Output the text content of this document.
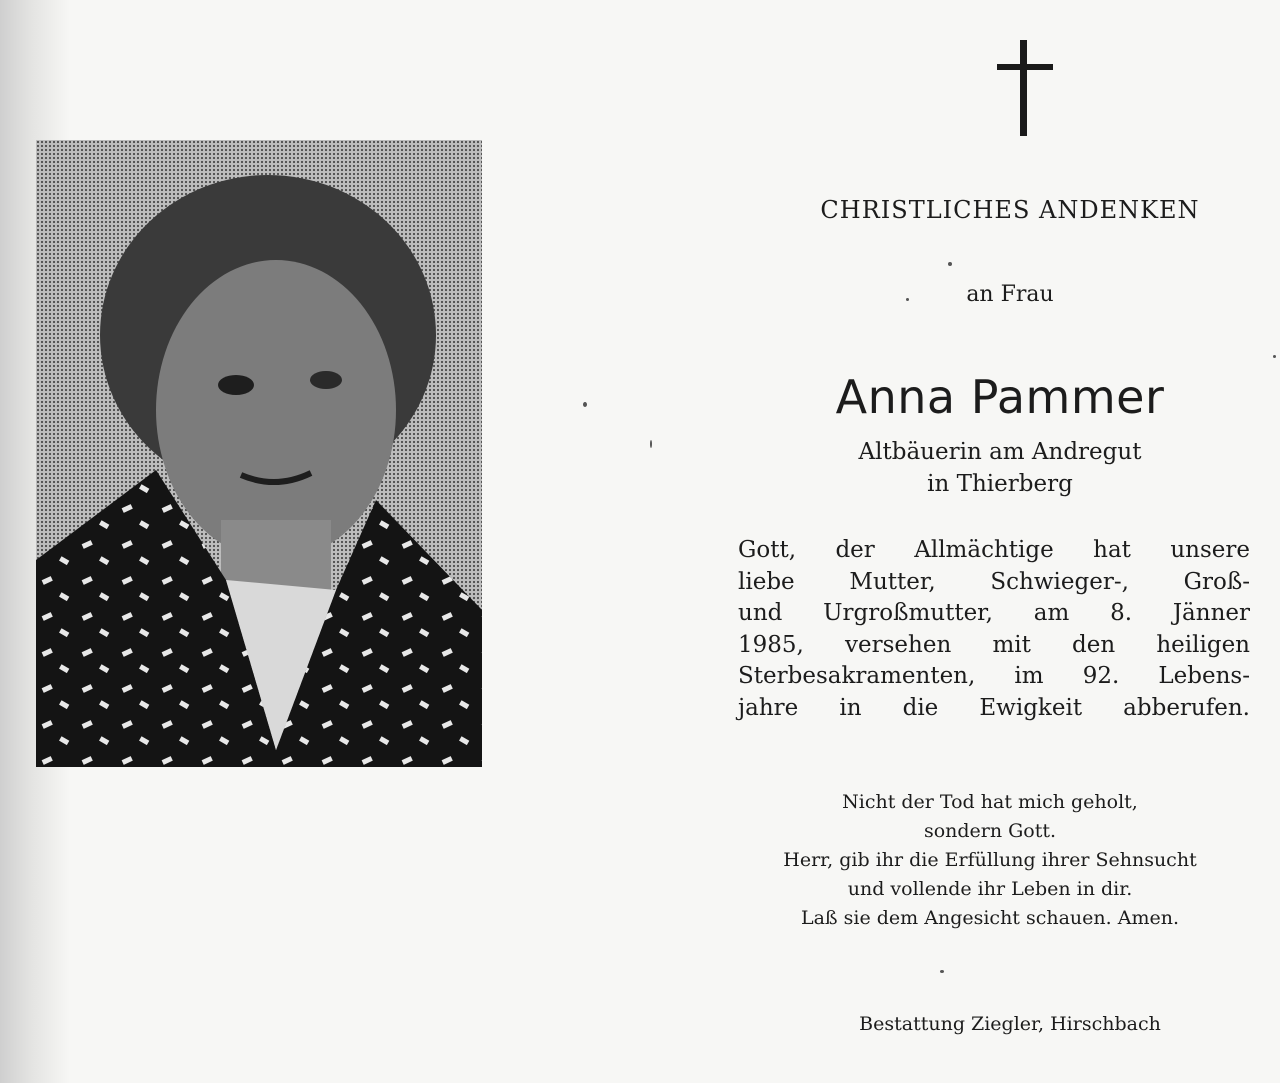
CHRISTLICHES ANDENKEN
an Frau
Anna Pammer
Altbäuerin am Andregut
in Thierberg
Gott, der Allmächtige hat unsere
liebe Mutter, Schwieger-, Groß-
und Urgroßmutter, am 8. Jänner
1985, versehen mit den heiligen
Sterbesakramenten, im 92. Lebens-
jahre in die Ewigkeit abberufen.
Nicht der Tod hat mich geholt,
sondern Gott.
Herr, gib ihr die Erfüllung ihrer Sehnsucht
und vollende ihr Leben in dir.
Laß sie dem Angesicht schauen. Amen.
Bestattung Ziegler, Hirschbach
